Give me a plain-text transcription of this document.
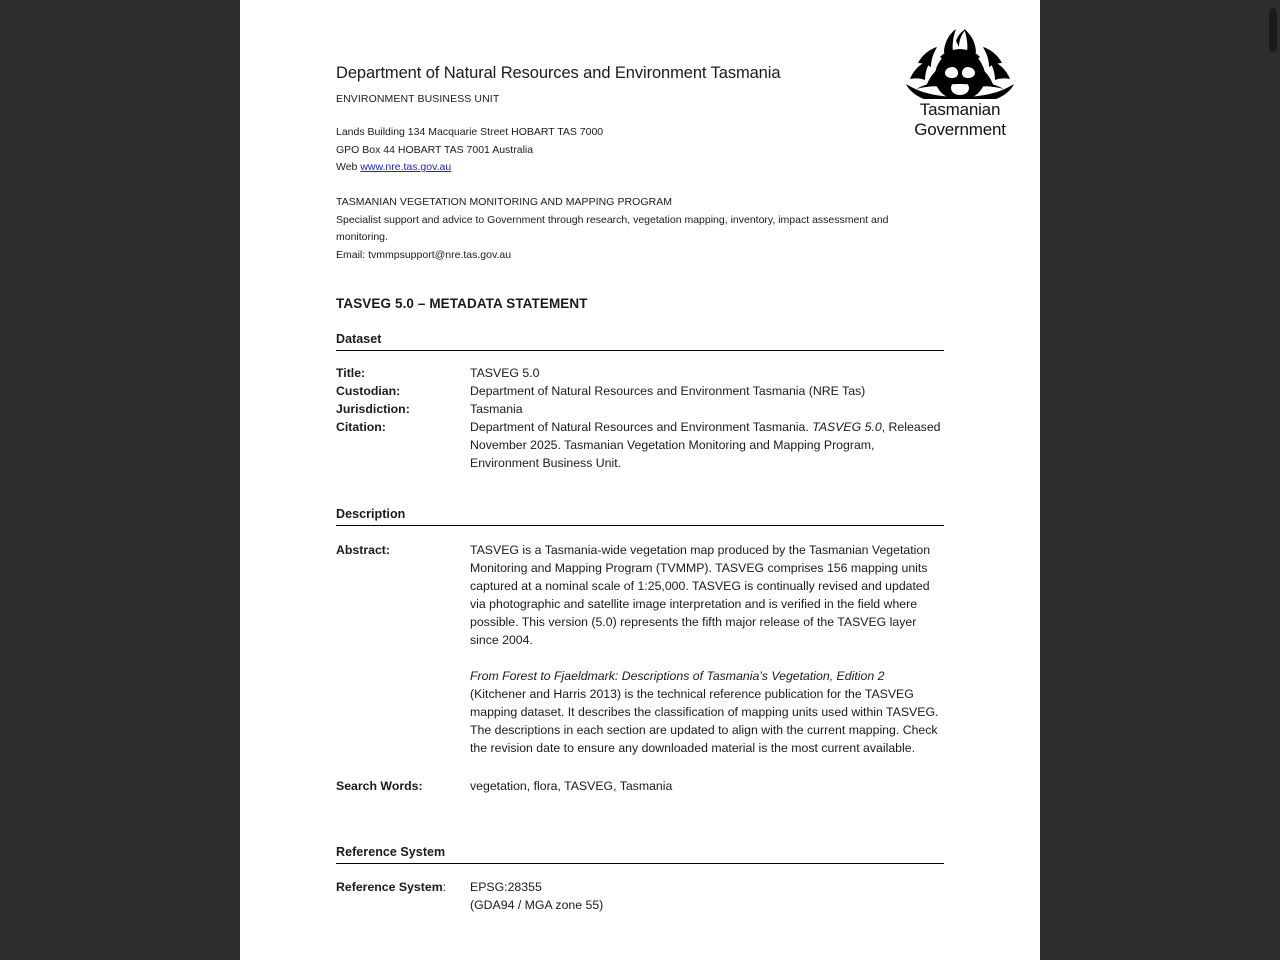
Department of Natural Resources and Environment Tasmania
ENVIRONMENT BUSINESS UNIT
Lands Building 134 Macquarie Street HOBART TAS 7000
GPO Box 44 HOBART TAS 7001 Australia
Web www.nre.tas.gov.au
TASMANIAN VEGETATION MONITORING AND MAPPING PROGRAM
Specialist support and advice to Government through research, vegetation mapping, inventory, impact assessment and monitoring.
Email: tvmmpsupport@nre.tas.gov.au
Tasmanian
Government
TASVEG 5.0 – METADATA STATEMENT
Dataset
Title:	TASVEG 5.0
Custodian:	Department of Natural Resources and Environment Tasmania (NRE Tas)
Jurisdiction:	Tasmania
Citation:	Department of Natural Resources and Environment Tasmania. TASVEG 5.0, Released November 2025. Tasmanian Vegetation Monitoring and Mapping Program, Environment Business Unit.
Description
Abstract:	TASVEG is a Tasmania-wide vegetation map produced by the Tasmanian Vegetation Monitoring and Mapping Program (TVMMP). TASVEG comprises 156 mapping units captured at a nominal scale of 1:25,000. TASVEG is continually revised and updated via photographic and satellite image interpretation and is verified in the field where possible. This version (5.0) represents the fifth major release of the TASVEG layer since 2004.

From Forest to Fjaeldmark: Descriptions of Tasmania’s Vegetation, Edition 2 (Kitchener and Harris 2013) is the technical reference publication for the TASVEG mapping dataset. It describes the classification of mapping units used within TASVEG. The descriptions in each section are updated to align with the current mapping. Check the revision date to ensure any downloaded material is the most current available.

Search Words:	vegetation, flora, TASVEG, Tasmania
Reference System
Reference System:	EPSG:28355
(GDA94 / MGA zone 55)
